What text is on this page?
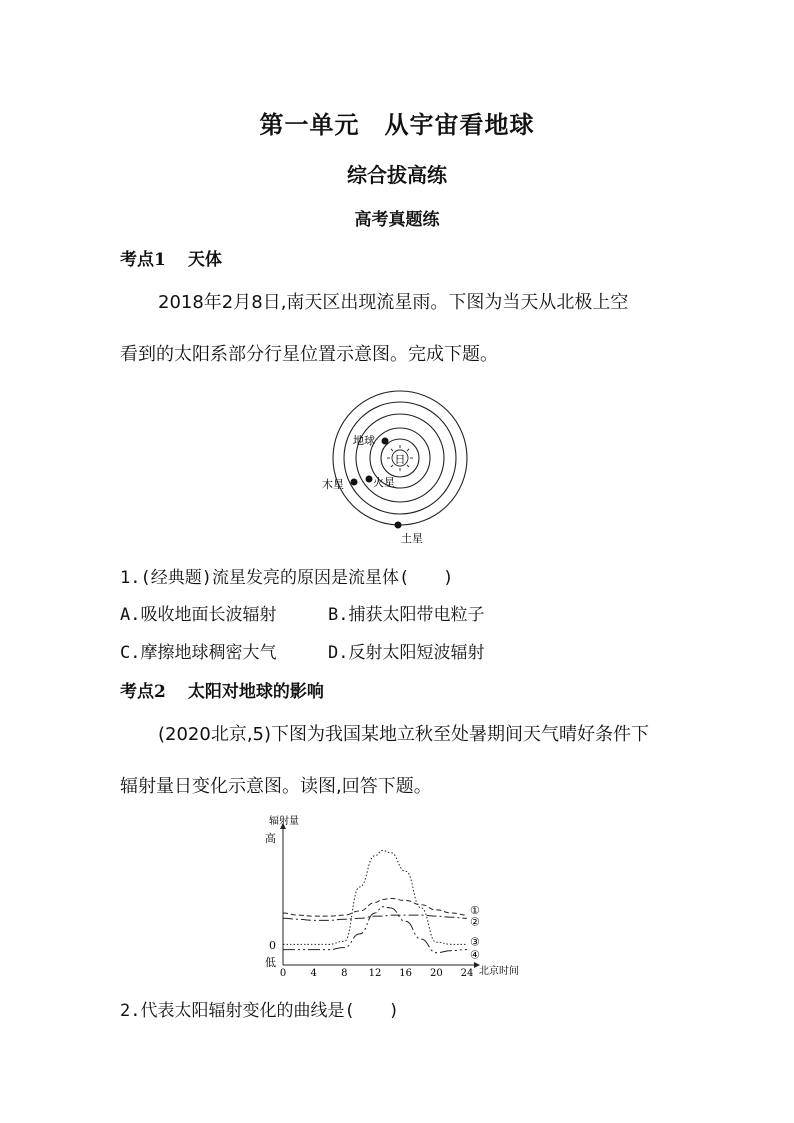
第一单元　从宇宙看地球
综合拔高练
高考真题练
考点1 天体
2018年2月8日,南天区出现流星雨。下图为当天从北极上空
看到的太阳系部分行星位置示意图。完成下题。
日
地球
火星
木星
土星
1.(经典题)流星发亮的原因是流星体(　　)
A.吸收地面长波辐射	B.捕获太阳带电粒子
C.摩擦地球稠密大气	D.反射太阳短波辐射
考点2 太阳对地球的影响
(2020北京,5)下图为我国某地立秋至处暑期间天气晴好条件下
辐射量日变化示意图。读图,回答下题。
辐射量
高
0
低
北京时间
0 4 8 12 16 20 24
①
②
③
④
2.代表太阳辐射变化的曲线是(　　)
